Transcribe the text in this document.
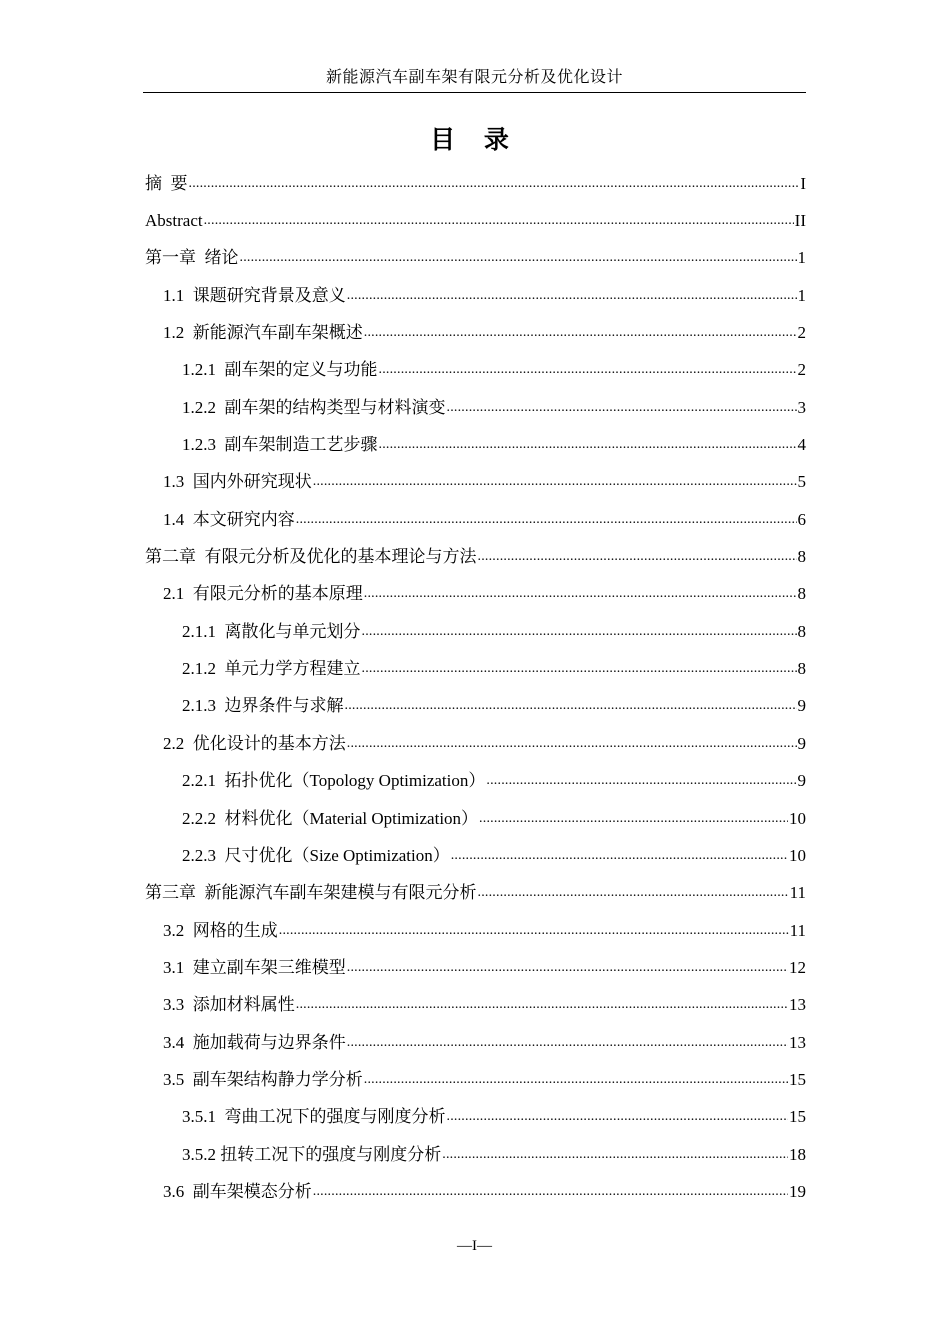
新能源汽车副车架有限元分析及优化设计
目 录
摘  要 .....	I
Abstract .....	II
第一章  绪论 .....	1
1.1 课题研究背景及意义 .....	1
1.2 新能源汽车副车架概述 .....	2
1.2.1 副车架的定义与功能 .....	2
1.2.2 副车架的结构类型与材料演变 .....	3
1.2.3 副车架制造工艺步骤 .....	4
1.3 国内外研究现状 .....	5
1.4 本文研究内容 .....	6
第二章  有限元分析及优化的基本理论与方法 .....	8
2.1 有限元分析的基本原理 .....	8
2.1.1 离散化与单元划分 .....	8
2.1.2 单元力学方程建立 .....	8
2.1.3 边界条件与求解 .....	9
2.2 优化设计的基本方法 .....	9
2.2.1 拓扑优化（Topology Optimization） .....	9
2.2.2 材料优化（Material Optimization） .....	10
2.2.3 尺寸优化（Size Optimization） .....	10
第三章  新能源汽车副车架建模与有限元分析 .....	11
3.2 网格的生成 .....	11
3.1 建立副车架三维模型 .....	12
3.3 添加材料属性 .....	13
3.4 施加载荷与边界条件 .....	13
3.5 副车架结构静力学分析 .....	15
3.5.1 弯曲工况下的强度与刚度分析 .....	15
3.5.2 扭转工况下的强度与刚度分析 .....	18
3.6 副车架模态分析 .....	19
—I—
